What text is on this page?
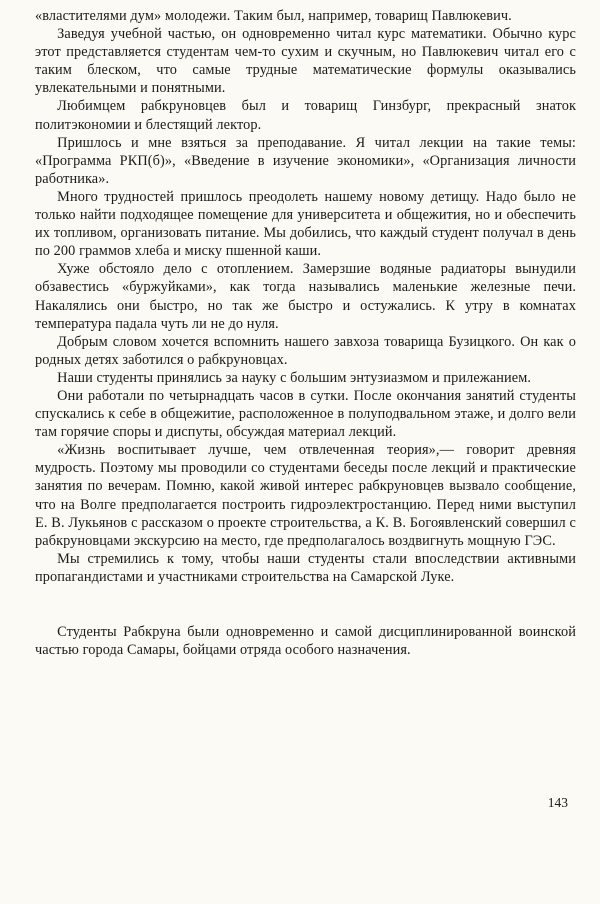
«властителями дум» молодежи. Таким был, например, товарищ Павлюкевич.

Заведуя учебной частью, он одновременно читал курс математики. Обычно курс этот представляется студентам чем-то сухим и скучным, но Павлюкевич читал его с таким блеском, что самые трудные математические формулы оказывались увлекательными и понятными.

Любимцем рабкруновцев был и товарищ Гинзбург, прекрасный знаток политэкономии и блестящий лектор.

Пришлось и мне взяться за преподавание. Я читал лекции на такие темы: «Программа РКП(б)», «Введение в изучение экономики», «Организация личности работника».

Много трудностей пришлось преодолеть нашему новому детищу. Надо было не только найти подходящее помещение для университета и общежития, но и обеспечить их топливом, организовать питание. Мы добились, что каждый студент получал в день по 200 граммов хлеба и миску пшенной каши.

Хуже обстояло дело с отоплением. Замерзшие водяные радиаторы вынудили обзавестись «буржуйками», как тогда назывались маленькие железные печи. Накалялись они быстро, но так же быстро и остужались. К утру в комнатах температура падала чуть ли не до нуля.

Добрым словом хочется вспомнить нашего завхоза товарища Бузицкого. Он как о родных детях заботился о рабкруновцах.

Наши студенты принялись за науку с большим энтузиазмом и прилежанием.

Они работали по четырнадцать часов в сутки. После окончания занятий студенты спускались к себе в общежитие, расположенное в полуподвальном этаже, и долго вели там горячие споры и диспуты, обсуждая материал лекций.

«Жизнь воспитывает лучше, чем отвлеченная теория»,— говорит древняя мудрость. Поэтому мы проводили со студентами беседы после лекций и практические занятия по вечерам. Помню, какой живой интерес рабкруновцев вызвало сообщение, что на Волге предполагается построить гидроэлектростанцию. Перед ними выступил Е. В. Лукьянов с рассказом о проекте строительства, а К. В. Богоявленский совершил с рабкруновцами экскурсию на место, где предполагалось воздвигнуть мощную ГЭС.

Мы стремились к тому, чтобы наши студенты стали впоследствии активными пропагандистами и участниками строительства на Самарской Луке.

Студенты Рабкруна были одновременно и самой дисциплинированной воинской частью города Самары, бойцами отряда особого назначения.

143
